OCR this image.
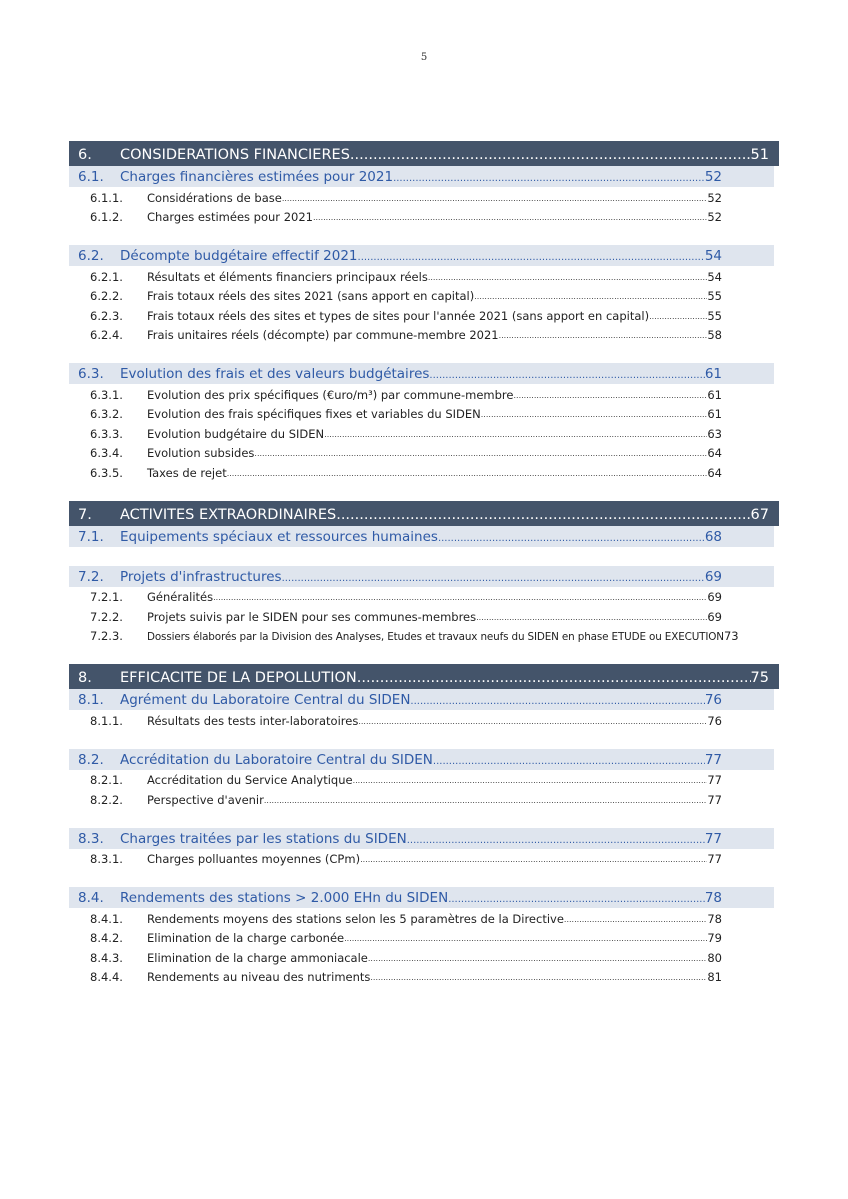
5
6.	CONSIDERATIONS FINANCIERES .....	51
6.1.	Charges financières estimées pour 2021 .....	52
6.1.1.	Considérations de base .....	52
6.1.2.	Charges estimées pour 2021 .....	52
6.2.	Décompte budgétaire effectif 2021 .....	54
6.2.1.	Résultats et éléments financiers principaux réels .....	54
6.2.2.	Frais totaux réels des sites 2021 (sans apport en capital) .....	55
6.2.3.	Frais totaux réels des sites et types de sites pour l'année 2021 (sans apport en capital) .....	55
6.2.4.	Frais unitaires réels (décompte) par commune-membre 2021 .....	58
6.3.	Evolution des frais et des valeurs budgétaires .....	61
6.3.1.	Evolution des prix spécifiques (€uro/m³) par commune-membre .....	61
6.3.2.	Evolution des frais spécifiques fixes et variables du SIDEN .....	61
6.3.3.	Evolution budgétaire du SIDEN .....	63
6.3.4.	Evolution subsides .....	64
6.3.5.	Taxes de rejet .....	64
7.	ACTIVITES EXTRAORDINAIRES .....	67
7.1.	Equipements spéciaux et ressources humaines .....	68
7.2.	Projets d'infrastructures .....	69
7.2.1.	Généralités .....	69
7.2.2.	Projets suivis par le SIDEN pour ses communes-membres .....	69
7.2.3.	Dossiers élaborés par la Division des Analyses, Etudes et travaux neufs du SIDEN en phase ETUDE ou EXECUTION 73
8.	EFFICACITE DE LA DEPOLLUTION .....	75
8.1.	Agrément du Laboratoire Central du SIDEN .....	76
8.1.1.	Résultats des tests inter-laboratoires .....	76
8.2.	Accréditation du Laboratoire Central du SIDEN .....	77
8.2.1.	Accréditation du Service Analytique .....	77
8.2.2.	Perspective d'avenir .....	77
8.3.	Charges traitées par les stations du SIDEN .....	77
8.3.1.	Charges polluantes moyennes (CPm) .....	77
8.4.	Rendements des stations > 2.000 EHn du SIDEN .....	78
8.4.1.	Rendements moyens des stations selon les 5 paramètres de la Directive .....	78
8.4.2.	Elimination de la charge carbonée .....	79
8.4.3.	Elimination de la charge ammoniacale .....	80
8.4.4.	Rendements au niveau des nutriments .....	81
